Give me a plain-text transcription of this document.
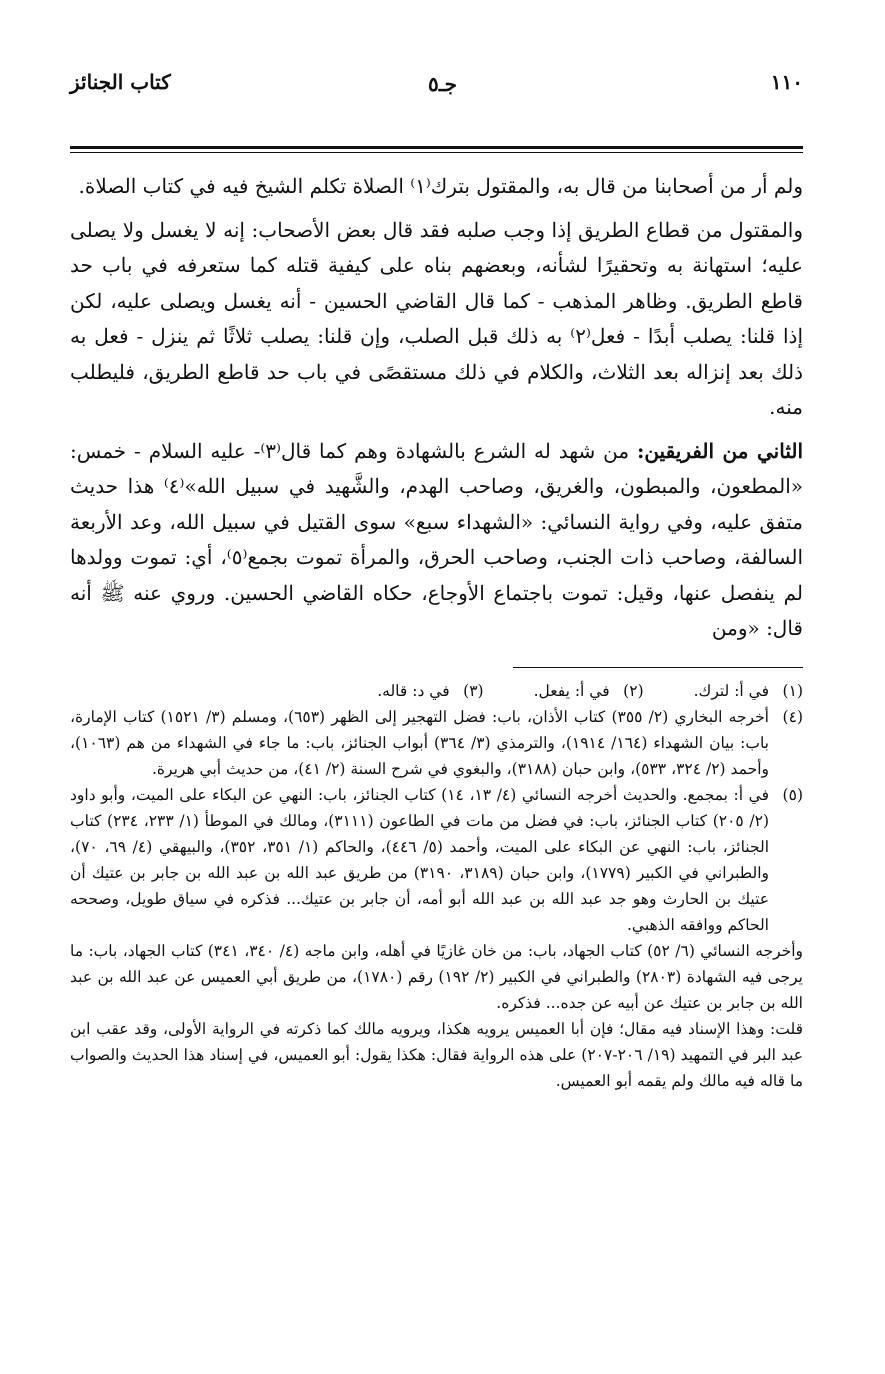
١١٠
كتاب الجنائز	جـ٥

ولم أر من أصحابنا من قال به، والمقتول بترك⁽١⁾ الصلاة تكلم الشيخ فيه في كتاب الصلاة.

والمقتول من قطاع الطريق إذا وجب صلبه فقد قال بعض الأصحاب: إنه لا يغسل ولا يصلى عليه؛ استهانة به وتحقيرًا لشأنه، وبعضهم بناه على كيفية قتله كما ستعرفه في باب حد قاطع الطريق. وظاهر المذهب - كما قال القاضي الحسين - أنه يغسل ويصلى عليه، لكن إذا قلنا: يصلب أبدًا - فعل⁽٢⁾ به ذلك قبل الصلب، وإن قلنا: يصلب ثلاثًا ثم ينزل - فعل به ذلك بعد إنزاله بعد الثلاث، والكلام في ذلك مستقصًى في باب حد قاطع الطريق، فليطلب منه.

الثاني من الفريقين: من شهد له الشرع بالشهادة وهم كما قال⁽٣⁾- عليه السلام - خمس: «المطعون، والمبطون، والغريق، وصاحب الهدم، والشَّهيد في سبيل الله»⁽٤⁾ هذا حديث متفق عليه، وفي رواية النسائي: «الشهداء سبع» سوى القتيل في سبيل الله، وعد الأربعة السالفة، وصاحب ذات الجنب، وصاحب الحرق، والمرأة تموت بجمع⁽٥⁾، أي: تموت وولدها لم ينفصل عنها، وقيل: تموت باجتماع الأوجاع، حكاه القاضي الحسين. وروي عنه ﷺ أنه قال: «ومن

(١)
في أ: لترك.
(٢)
في أ: يفعل.
(٣)
في د: قاله.
(٤)
أخرجه البخاري (٢/ ٣٥٥) كتاب الأذان، باب: فضل التهجير إلى الظهر (٦٥٣)، ومسلم (٣/ ١٥٢١) كتاب الإمارة، باب: بيان الشهداء (١٦٤/ ١٩١٤)، والترمذي (٣/ ٣٦٤) أبواب الجنائز، باب: ما جاء في الشهداء من هم (١٠٦٣)، وأحمد (٢/ ٣٢٤، ٥٣٣)، وابن حبان (٣١٨٨)، والبغوي في شرح السنة (٢/ ٤١)، من حديث أبي هريرة.
(٥)
في أ: بمجمع. والحديث أخرجه النسائي (٤/ ١٣، ١٤) كتاب الجنائز، باب: النهي عن البكاء على الميت، وأبو داود (٢/ ٢٠٥) كتاب الجنائز، باب: في فضل من مات في الطاعون (٣١١١)، ومالك في الموطأ (١/ ٢٣٣، ٢٣٤) كتاب الجنائز، باب: النهي عن البكاء على الميت، وأحمد (٥/ ٤٤٦)، والحاكم (١/ ٣٥١، ٣٥٢)، والبيهقي (٤/ ٦٩، ٧٠)، والطبراني في الكبير (١٧٧٩)، وابن حبان (٣١٨٩، ٣١٩٠) من طريق عبد الله بن عبد الله بن جابر بن عتيك أن عتيك بن الحارث وهو جد عبد الله بن عبد الله أبو أمه، أن جابر بن عتيك... فذكره في سياق طويل، وصححه الحاكم ووافقه الذهبي.

وأخرجه النسائي (٦/ ٥٢) كتاب الجهاد، باب: من خان غازيًا في أهله، وابن ماجه (٤/ ٣٤٠، ٣٤١) كتاب الجهاد، باب: ما يرجى فيه الشهادة (٢٨٠٣) والطبراني في الكبير (٢/ ١٩٢) رقم (١٧٨٠)، من طريق أبي العميس عن عبد الله بن عبد الله بن جابر بن عتيك عن أبيه عن جده... فذكره.

قلت: وهذا الإسناد فيه مقال؛ فإن أبا العميس يرويه هكذا، ويرويه مالك كما ذكرته في الرواية الأولى، وقد عقب ابن عبد البر في التمهيد (١٩/ ٢٠٦-٢٠٧) على هذه الرواية فقال: هكذا يقول: أبو العميس، في إسناد هذا الحديث والصواب ما قاله فيه مالك ولم يقمه أبو العميس.
